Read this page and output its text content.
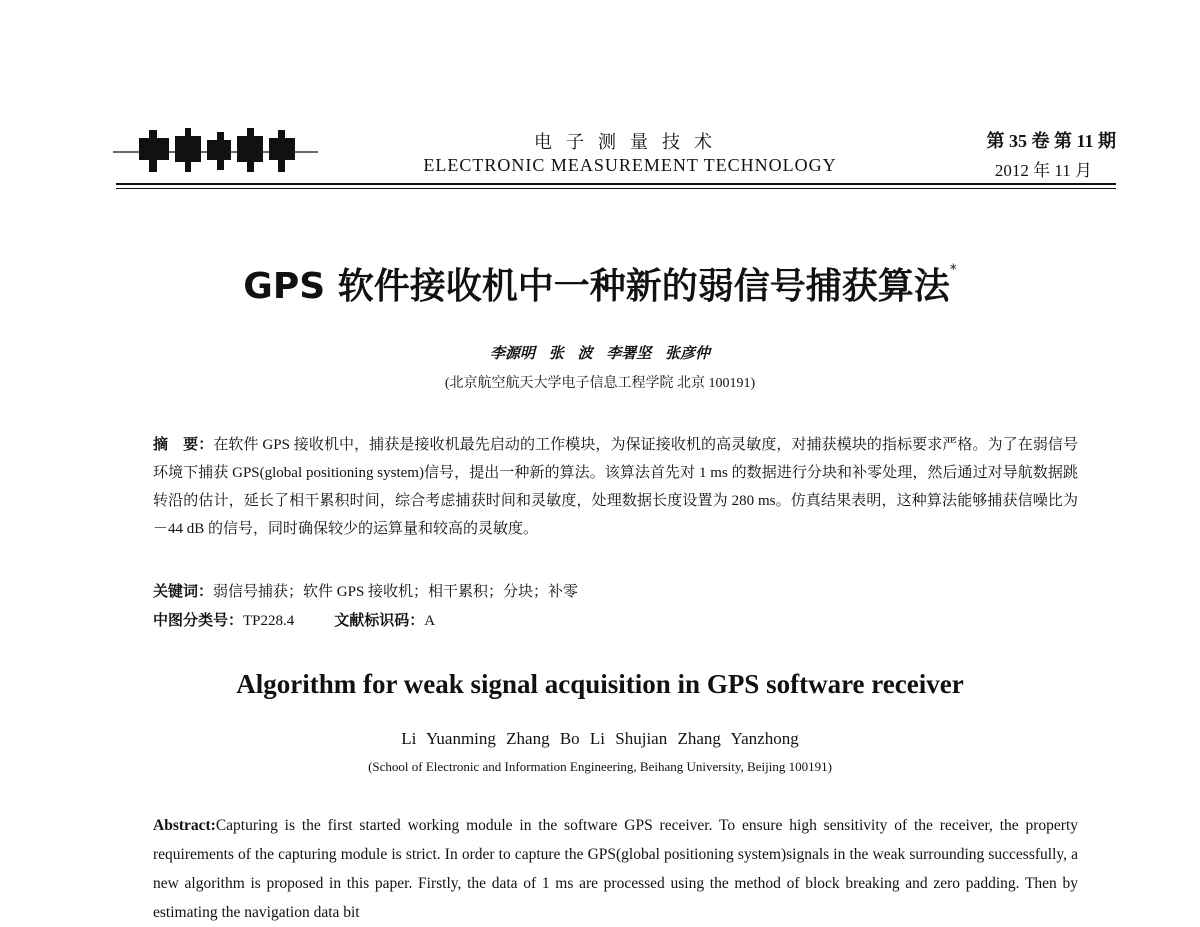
电子测量技术
ELECTRONIC MEASUREMENT TECHNOLOGY
第 35 卷 第 11 期
2012 年 11 月
GPS 软件接收机中一种新的弱信号捕获算法*
李源明 张 波 李署坚 张彦仲
(北京航空航天大学电子信息工程学院 北京 100191)
摘　要：在软件 GPS 接收机中，捕获是接收机最先启动的工作模块，为保证接收机的高灵敏度，对捕获模块的指标要求严格。为了在弱信号环境下捕获 GPS(global positioning system)信号，提出一种新的算法。该算法首先对 1 ms 的数据进行分块和补零处理，然后通过对导航数据跳转沿的估计，延长了相干累积时间，综合考虑捕获时间和灵敏度，处理数据长度设置为 280 ms。仿真结果表明，这种算法能够捕获信噪比为－44 dB 的信号，同时确保较少的运算量和较高的灵敏度。
关键词：弱信号捕获；软件 GPS 接收机；相干累积；分块；补零
中图分类号：TP228.4	文献标识码：A
Algorithm for weak signal acquisition in GPS software receiver
Li Yuanming Zhang Bo Li Shujian Zhang Yanzhong
(School of Electronic and Information Engineering, Beihang University, Beijing 100191)
Abstract:Capturing is the first started working module in the software GPS receiver. To ensure high sensitivity of the receiver, the property requirements of the capturing module is strict. In order to capture the GPS(global positioning system)signals in the weak surrounding successfully, a new algorithm is proposed in this paper. Firstly, the data of 1 ms are processed using the method of block breaking and zero padding. Then by estimating the navigation data bit
